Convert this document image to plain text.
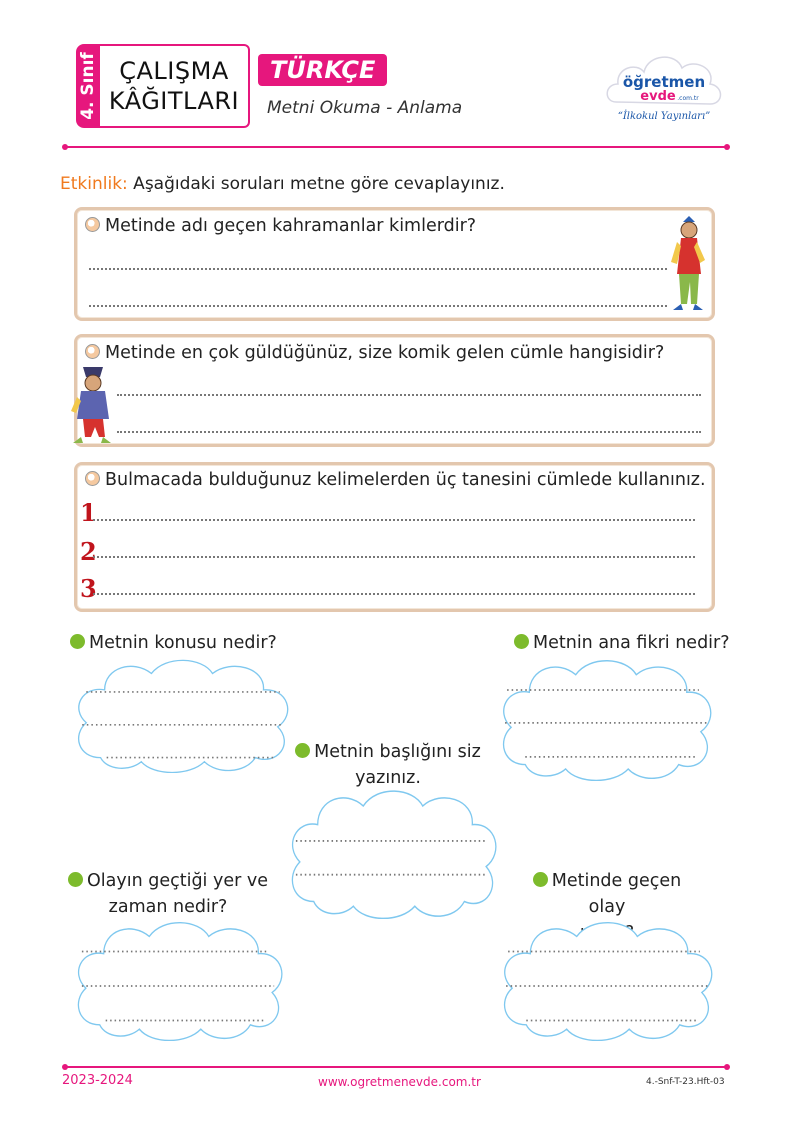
4. Sınıf ÇALIŞMA
KÂĞITLARI
TÜRKÇE
Metni Okuma - Anlama
öğretmen
evde .com.tr
“İlkokul Yayınları”
Etkinlik: Aşağıdaki soruları metne göre cevaplayınız.
Metinde adı geçen kahramanlar kimlerdir?
Metinde en çok güldüğünüz, size komik gelen cümle hangisidir?
Bulmacada bulduğunuz kelimelerden üç tanesini cümlede kullanınız.
1
2
3
Metnin konusu nedir?	Metnin ana fikri nedir?
Metnin başlığını siz
yazınız.
Olayın geçtiği yer ve
zaman nedir?
Metinde geçen olay

2023-2024	www.ogretmenevde.com.tr	4.-Snf-T-23.Hft-03
